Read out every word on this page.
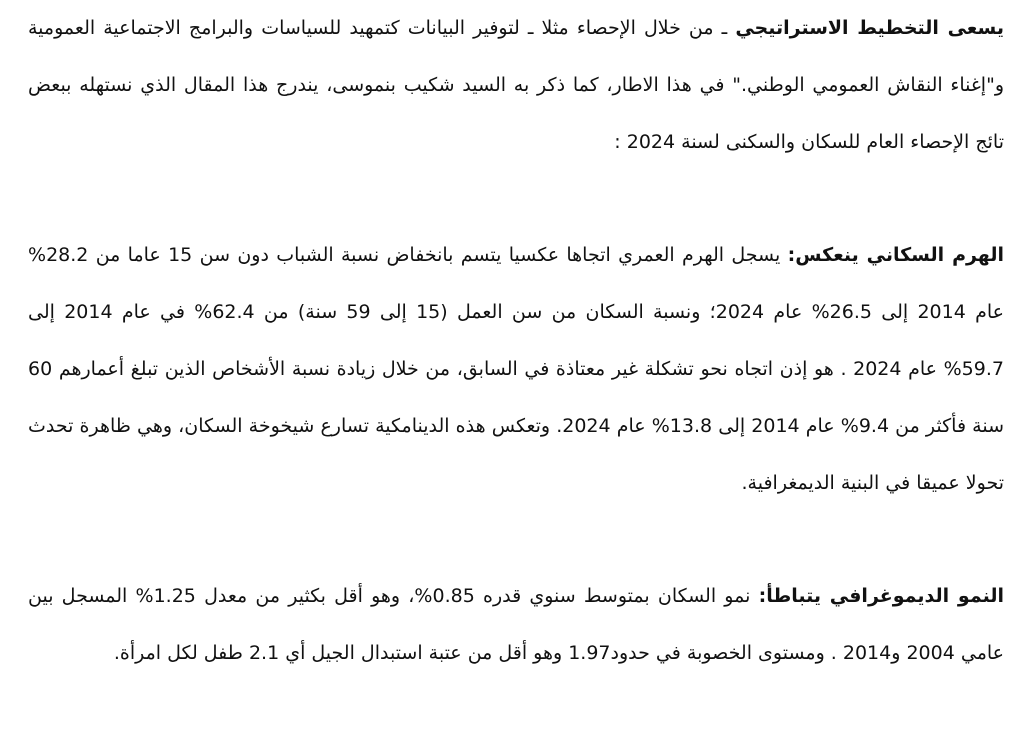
يسعى التخطيط الاستراتيجي ـ من خلال الإحصاء مثلا ـ لتوفير البيانات كتمهيد للسياسات والبرامج الاجتماعية العمومية و"إغناء النقاش العمومي الوطني." في هذا الاطار، كما ذكر به السيد شكيب بنموسى، يندرج هذا المقال الذي نستهله ببعض تائج الإحصاء العام للسكان والسكنى لسنة 2024 :

الهرم السكاني ينعكس: يسجل الهرم العمري اتجاها عكسيا يتسم بانخفاض نسبة الشباب دون سن 15 عاما من 28.2% عام 2014 إلى 26.5% عام 2024؛ ونسبة السكان من سن العمل (15 إلى 59 سنة) من 62.4% في عام 2014 إلى 59.7% عام 2024 . هو إذن اتجاه نحو تشكلة غير معتاذة في السابق، من خلال زيادة نسبة الأشخاص الذين تبلغ أعمارهم 60 سنة فأكثر من 9.4% عام 2014 إلى 13.8% عام 2024. وتعكس هذه الدينامكية تسارع شيخوخة السكان، وهي ظاهرة تحدث تحولا عميقا في البنية الديمغرافية.

النمو الديموغرافي يتباطأ: نمو السكان بمتوسط سنوي قدره 0.85%، وهو أقل بكثير من معدل 1.25% المسجل بين عامي 2004 و2014 . ومستوى الخصوبة في حدود1.97 وهو أقل من عتبة استبدال الجيل أي 2.1 طفل لكل امرأة.
